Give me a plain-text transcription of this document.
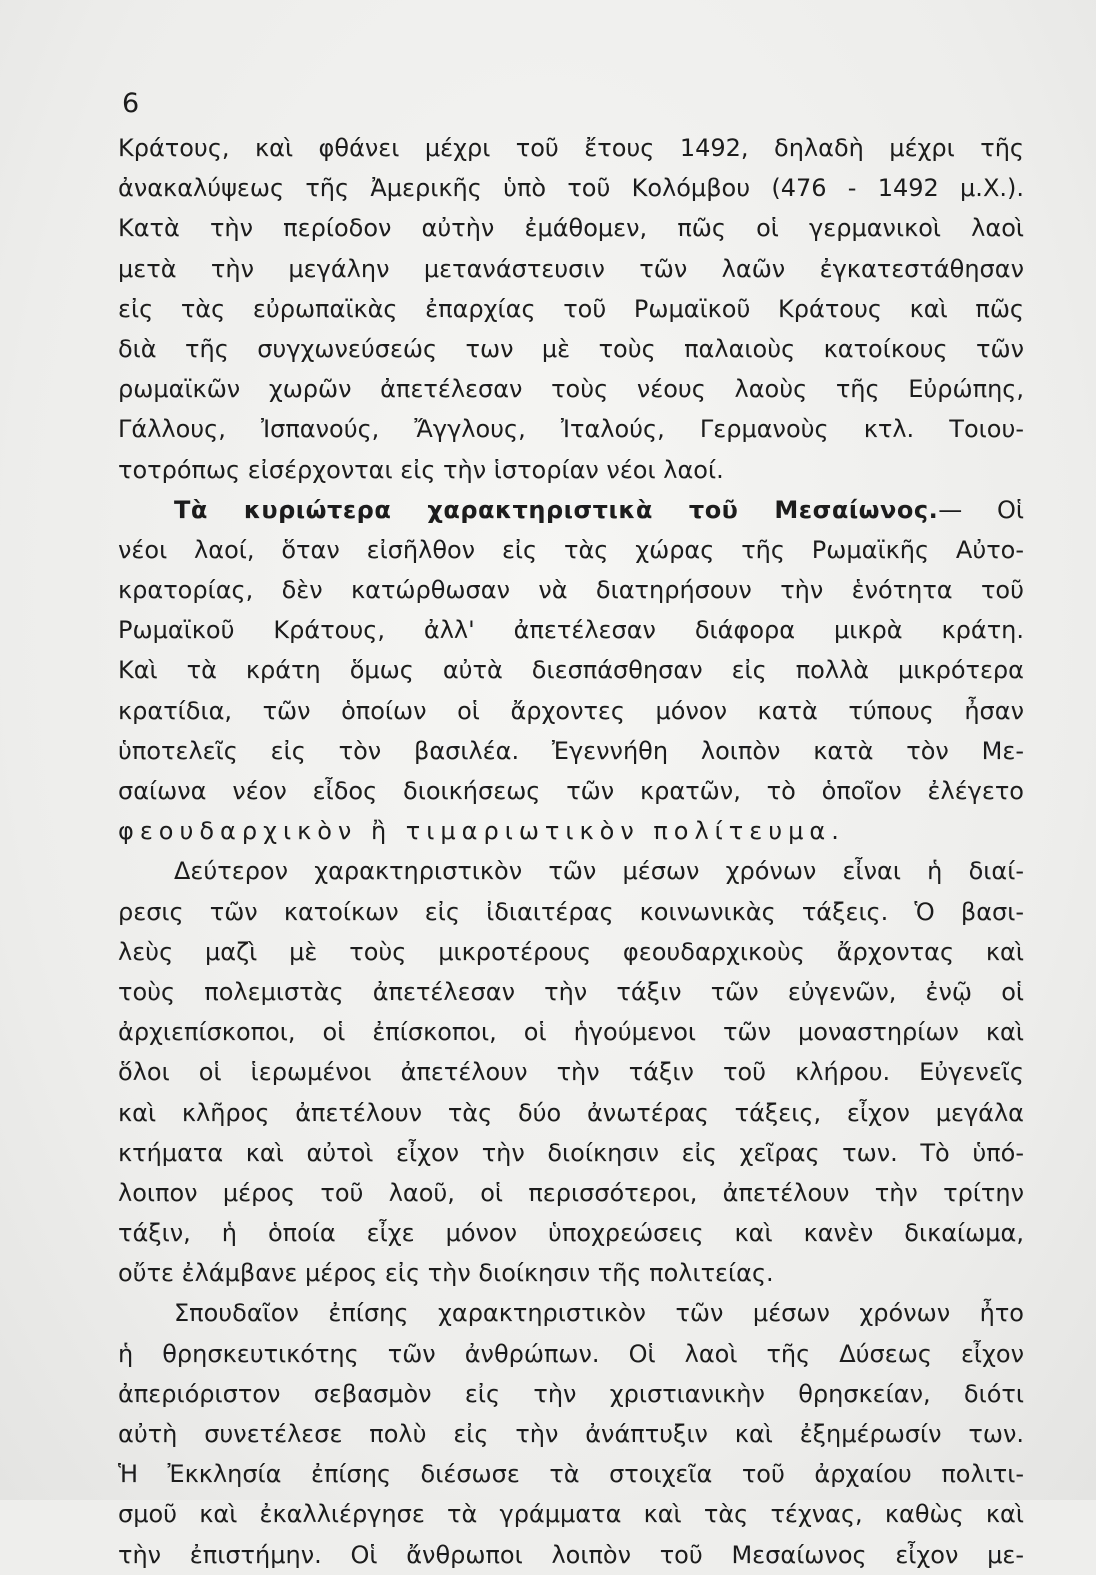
6
Κράτους, καὶ φθάνει μέχρι τοῦ ἔτους 1492, δηλαδὴ μέχρι τῆς
ἀνακαλύψεως τῆς Ἀμερικῆς ὑπὸ τοῦ Κολόμβου (476 - 1492 μ.Χ.).
Κατὰ τὴν περίοδον αὐτὴν ἐμάθομεν, πῶς οἱ γερμανικοὶ λαοὶ
μετὰ τὴν μεγάλην μετανάστευσιν τῶν λαῶν ἐγκατεστάθησαν
εἰς τὰς εὐρωπαϊκὰς ἐπαρχίας τοῦ Ρωμαϊκοῦ Κράτους καὶ πῶς
διὰ τῆς συγχωνεύσεώς των μὲ τοὺς παλαιοὺς κατοίκους τῶν
ρωμαϊκῶν χωρῶν ἀπετέλεσαν τοὺς νέους λαοὺς τῆς Εὐρώπης,
Γάλλους, Ἰσπανούς, Ἄγγλους, Ἰταλούς, Γερμανοὺς κτλ. Τοιου-
τοτρόπως εἰσέρχονται εἰς τὴν ἱστορίαν νέοι λαοί.
Τὰ κυριώτερα χαρακτηριστικὰ τοῦ Μεσαίωνος.— Οἱ
νέοι λαοί, ὅταν εἰσῆλθον εἰς τὰς χώρας τῆς Ρωμαϊκῆς Αὐτο-
κρατορίας, δὲν κατώρθωσαν νὰ διατηρήσουν τὴν ἑνότητα τοῦ
Ρωμαϊκοῦ Κράτους, ἀλλ' ἀπετέλεσαν διάφορα μικρὰ κράτη.
Καὶ τὰ κράτη ὅμως αὐτὰ διεσπάσθησαν εἰς πολλὰ μικρότερα
κρατίδια, τῶν ὁποίων οἱ ἄρχοντες μόνον κατὰ τύπους ἦσαν
ὑποτελεῖς εἰς τὸν βασιλέα. Ἐγεννήθη λοιπὸν κατὰ τὸν Με-
σαίωνα νέον εἶδος διοικήσεως τῶν κρατῶν, τὸ ὁποῖον ἐλέγετο
φεουδαρχικὸν ἢ τιμαριωτικὸν πολίτευμα.
Δεύτερον χαρακτηριστικὸν τῶν μέσων χρόνων εἶναι ἡ διαί-
ρεσις τῶν κατοίκων εἰς ἰδιαιτέρας κοινωνικὰς τάξεις. Ὁ βασι-
λεὺς μαζὶ μὲ τοὺς μικροτέρους φεουδαρχικοὺς ἄρχοντας καὶ
τοὺς πολεμιστὰς ἀπετέλεσαν τὴν τάξιν τῶν εὐγενῶν, ἐνῷ οἱ
ἀρχιεπίσκοποι, οἱ ἐπίσκοποι, οἱ ἡγούμενοι τῶν μοναστηρίων καὶ
ὅλοι οἱ ἱερωμένοι ἀπετέλουν τὴν τάξιν τοῦ κλήρου. Εὐγενεῖς
καὶ κλῆρος ἀπετέλουν τὰς δύο ἀνωτέρας τάξεις, εἶχον μεγάλα
κτήματα καὶ αὐτοὶ εἶχον τὴν διοίκησιν εἰς χεῖρας των. Τὸ ὑπό-
λοιπον μέρος τοῦ λαοῦ, οἱ περισσότεροι, ἀπετέλουν τὴν τρίτην
τάξιν, ἡ ὁποία εἶχε μόνον ὑποχρεώσεις καὶ κανὲν δικαίωμα,
οὔτε ἐλάμβανε μέρος εἰς τὴν διοίκησιν τῆς πολιτείας.
Σπουδαῖον ἐπίσης χαρακτηριστικὸν τῶν μέσων χρόνων ἦτο
ἡ θρησκευτικότης τῶν ἀνθρώπων. Οἱ λαοὶ τῆς Δύσεως εἶχον
ἀπεριόριστον σεβασμὸν εἰς τὴν χριστιανικὴν θρησκείαν, διότι
αὐτὴ συνετέλεσε πολὺ εἰς τὴν ἀνάπτυξιν καὶ ἐξημέρωσίν των.
Ἡ Ἐκκλησία ἐπίσης διέσωσε τὰ στοιχεῖα τοῦ ἀρχαίου πολιτι-
σμοῦ καὶ ἐκαλλιέργησε τὰ γράμματα καὶ τὰς τέχνας, καθὼς καὶ
τὴν ἐπιστήμην. Οἱ ἄνθρωποι λοιπὸν τοῦ Μεσαίωνος εἶχον με-
